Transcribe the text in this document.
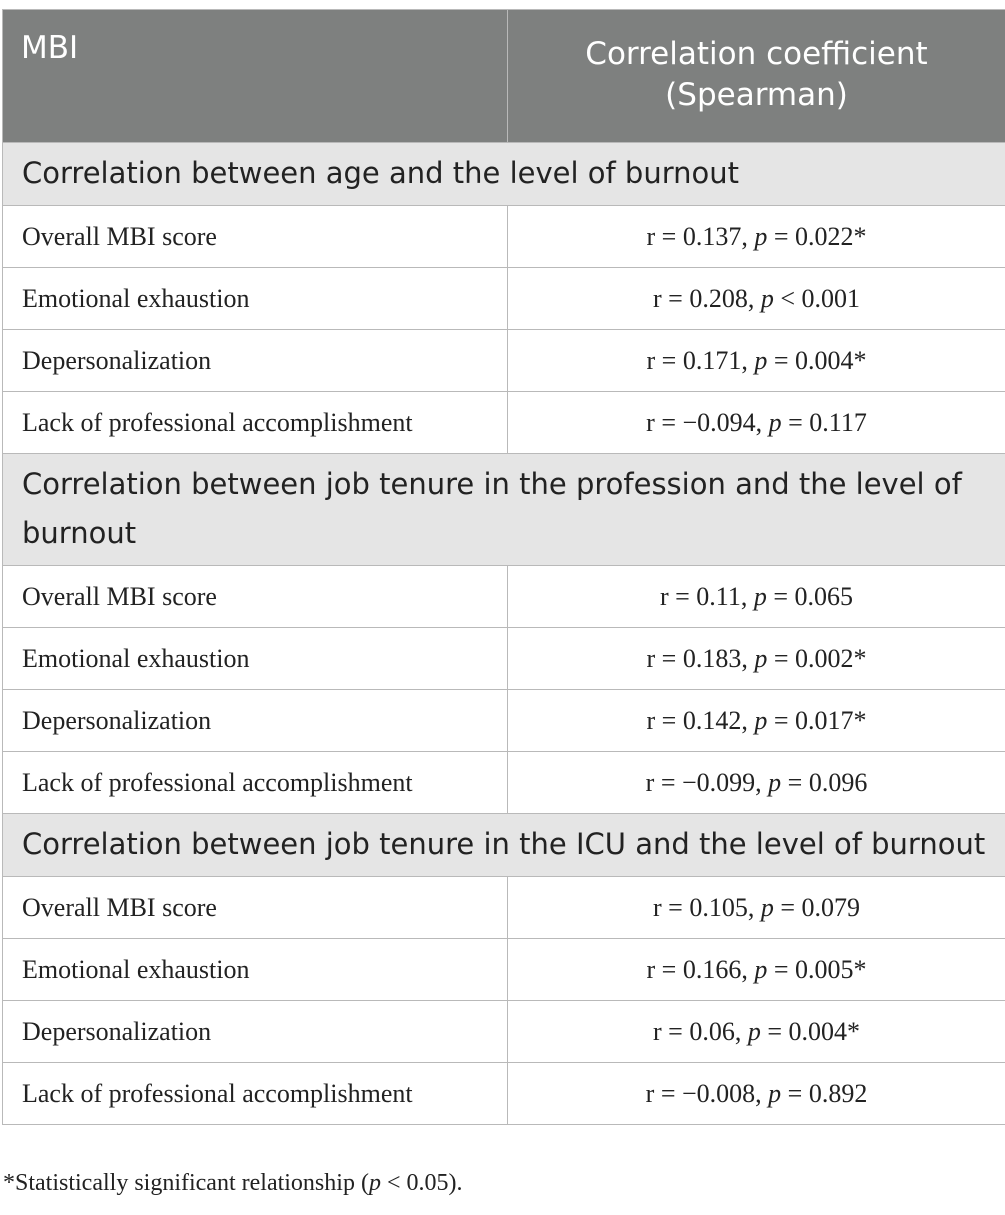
MBI	Correlation coefficient (Spearman)
Correlation between age and the level of burnout	
Overall MBI score	r = 0.137, p = 0.022*
Emotional exhaustion	r = 0.208, p < 0.001
Depersonalization	r = 0.171, p = 0.004*
Lack of professional accomplishment	r = −0.094, p = 0.117
Correlation between job tenure in the profession and the level of burnout	
Overall MBI score	r = 0.11, p = 0.065
Emotional exhaustion	r = 0.183, p = 0.002*
Depersonalization	r = 0.142, p = 0.017*
Lack of professional accomplishment	r = −0.099, p = 0.096
Correlation between job tenure in the ICU and the level of burnout	
Overall MBI score	r = 0.105, p = 0.079
Emotional exhaustion	r = 0.166, p = 0.005*
Depersonalization	r = 0.06, p = 0.004*
Lack of professional accomplishment	r = −0.008, p = 0.892
*Statistically significant relationship (p < 0.05).
